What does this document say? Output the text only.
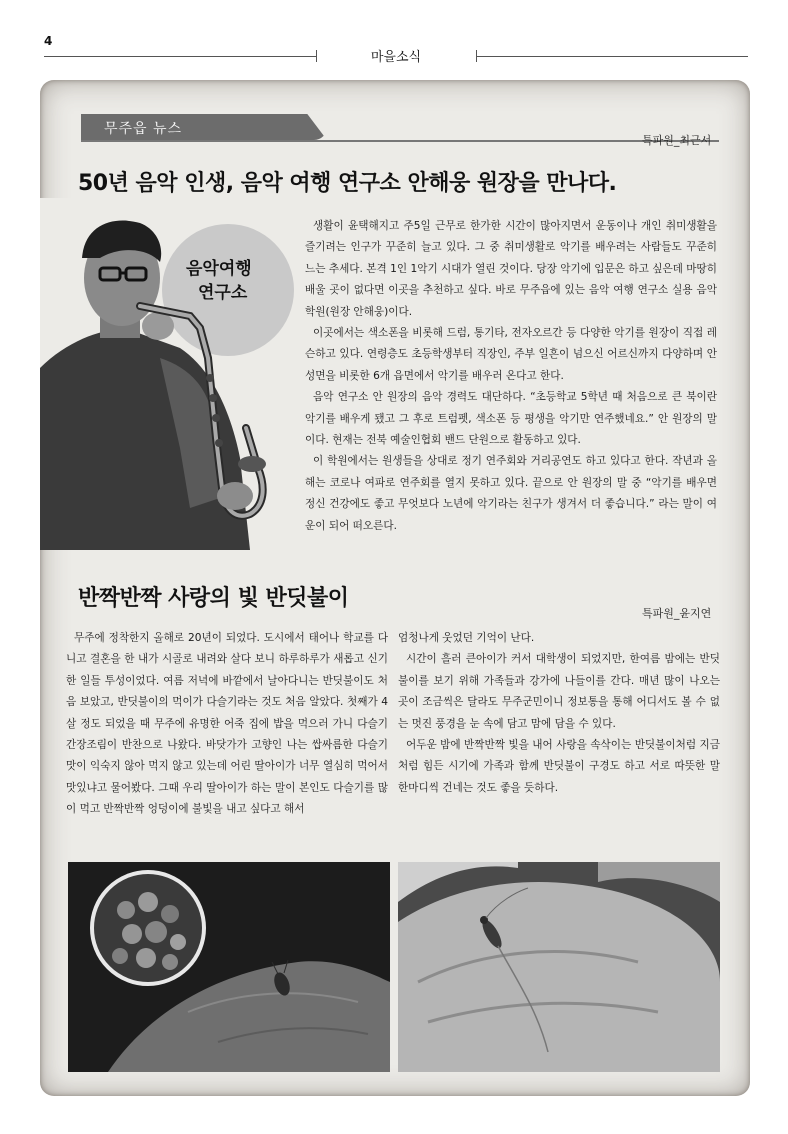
4
마을소식
무주읍 뉴스
특파원_최근서
50년 음악 인생, 음악 여행 연구소 안해웅 원장을 만나다.
음악여행
연구소

생활이 윤택해지고 주5일 근무로 한가한 시간이 많아지면서 운동이나 개인 취미생활을 즐기려는 인구가 꾸준히 늘고 있다. 그 중 취미생활로 악기를 배우려는 사람들도 꾸준히 느는 추세다. 본격 1인 1악기 시대가 열린 것이다. 당장 악기에 입문은 하고 싶은데 마땅히 배울 곳이 없다면 이곳을 추천하고 싶다. 바로 무주읍에 있는 음악 여행 연구소 실용 음악학원(원장 안해웅)이다.

이곳에서는 색소폰을 비롯해 드럼, 통기타, 전자오르간 등 다양한 악기를 원장이 직접 레슨하고 있다. 연령층도 초등학생부터 직장인, 주부 일흔이 넘으신 어르신까지 다양하며 안성면을 비롯한 6개 읍면에서 악기를 배우러 온다고 한다.

음악 연구소 안 원장의 음악 경력도 대단하다. “초등학교 5학년 때 처음으로 큰 북이란 악기를 배우게 됐고 그 후로 트럼펫, 색소폰 등 평생을 악기만 연주했네요.” 안 원장의 말이다. 현재는 전북 예술인협회 밴드 단원으로 활동하고 있다.

이 학원에서는 원생들을 상대로 정기 연주회와 거리공연도 하고 있다고 한다. 작년과 올해는 코로나 여파로 연주회를 열지 못하고 있다. 끝으로 안 원장의 말 중 “악기를 배우면 정신 건강에도 좋고 무엇보다 노년에 악기라는 친구가 생겨서 더 좋습니다.” 라는 말이 여운이 되어 떠오른다.

반짝반짝 사랑의 빛 반딧불이
특파원_윤지연

무주에 정착한지 올해로 20년이 되었다. 도시에서 태어나 학교를 다니고 결혼을 한 내가 시골로 내려와 살다 보니 하루하루가 새롭고 신기한 일들 투성이었다. 여름 저녁에 바깥에서 날아다니는 반딧불이도 처음 보았고, 반딧불이의 먹이가 다슬기라는 것도 처음 알았다. 첫째가 4살 정도 되었을 때 무주에 유명한 어죽 집에 밥을 먹으러 가니 다슬기 간장조림이 반찬으로 나왔다. 바닷가가 고향인 나는 쌉싸름한 다슬기 맛이 익숙지 않아 먹지 않고 있는데 어린 딸아이가 너무 열심히 먹어서 맛있냐고 물어봤다. 그때 우리 딸아이가 하는 말이 본인도 다슬기를 많이 먹고 반짝반짝 엉덩이에 불빛을 내고 싶다고 해서

엄청나게 웃었던 기억이 난다.

시간이 흘러 큰아이가 커서 대학생이 되었지만, 한여름 밤에는 반딧불이를 보기 위해 가족들과 강가에 나들이를 간다. 매년 많이 나오는 곳이 조금씩은 달라도 무주군민이니 정보통을 통해 어디서도 볼 수 없는 멋진 풍경을 눈 속에 담고 맘에 담을 수 있다.

어두운 밤에 반짝반짝 빛을 내어 사랑을 속삭이는 반딧불이처럼 지금처럼 힘든 시기에 가족과 함께 반딧불이 구경도 하고 서로 따뜻한 말 한마디씩 건네는 것도 좋을 듯하다.
